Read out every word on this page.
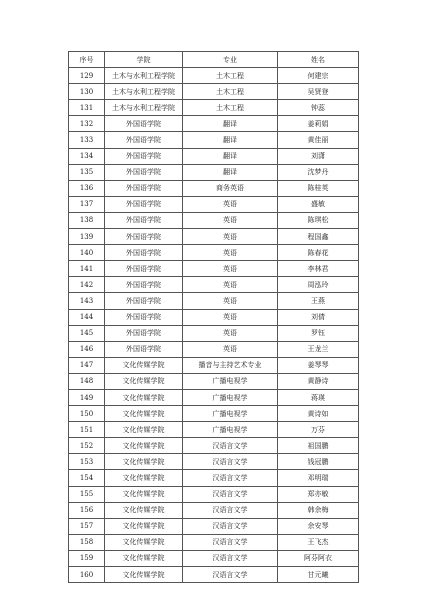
序号	学院	专业	姓名
129	土木与水利工程学院	土木工程	何建宗
130	土木与水利工程学院	土木工程	吴贤登
131	土木与水利工程学院	土木工程	钟蕊
132	外国语学院	翻译	姜莉娟
133	外国语学院	翻译	黄佳丽
134	外国语学院	翻译	刘潇
135	外国语学院	翻译	沈梦丹
136	外国语学院	商务英语	陈桂英
137	外国语学院	英语	盛敏
138	外国语学院	英语	陈琪松
139	外国语学院	英语	程国鑫
140	外国语学院	英语	陈春花
141	外国语学院	英语	李林君
142	外国语学院	英语	周泓玲
143	外国语学院	英语	王燕
144	外国语学院	英语	刘倩
145	外国语学院	英语	罗钰
146	外国语学院	英语	王龙兰
147	文化传媒学院	播音与主持艺术专业	姜琴琴
148	文化传媒学院	广播电视学	黄静诗
149	文化传媒学院	广播电视学	蒋瑛
150	文化传媒学院	广播电视学	黄诗如
151	文化传媒学院	广播电视学	万芬
152	文化传媒学院	汉语言文学	祖国鹏
153	文化传媒学院	汉语言文学	钱冠鹏
154	文化传媒学院	汉语言文学	邓明瑞
155	文化传媒学院	汉语言文学	郑亦敏
156	文化传媒学院	汉语言文学	韩余梅
157	文化传媒学院	汉语言文学	余安琴
158	文化传媒学院	汉语言文学	王飞杰
159	文化传媒学院	汉语言文学	阿芬阿衣
160	文化传媒学院	汉语言文学	甘元曦
